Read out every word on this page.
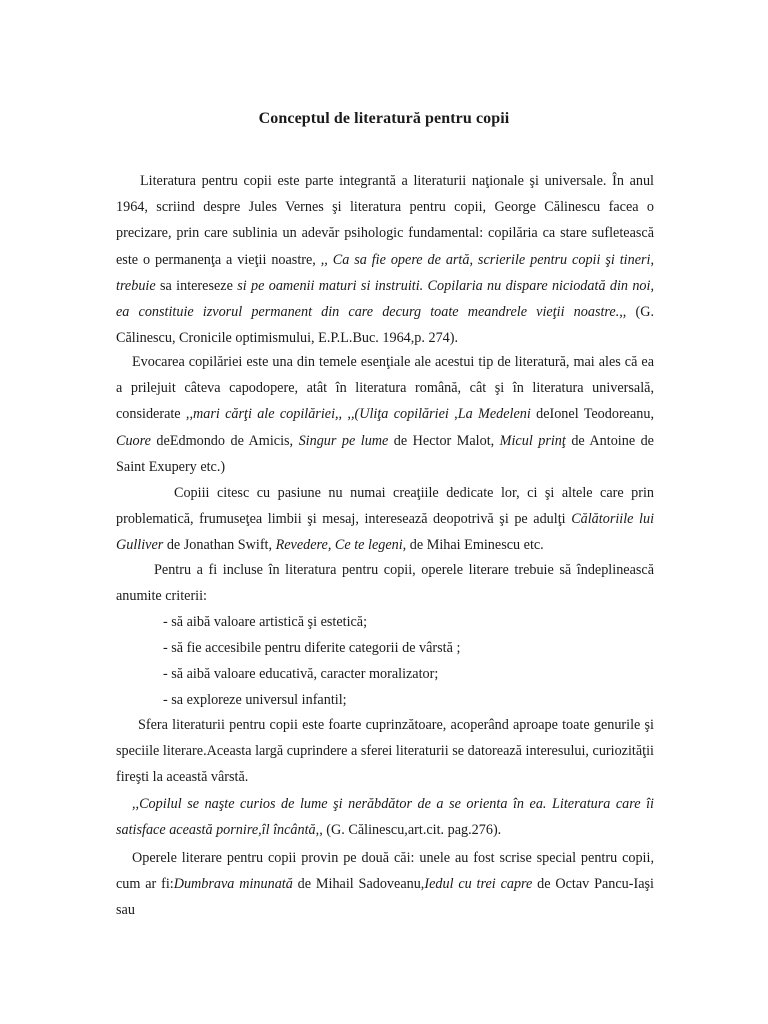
Conceptul de literatură pentru copii

Literatura pentru copii este parte integrantă a literaturii naţionale şi universale. În anul 1964, scriind despre Jules Vernes şi literatura pentru copii, George Călinescu facea o precizare, prin care sublinia un adevăr psihologic fundamental: copilăria ca stare sufletească este o permanenţa a vieţii noastre, ,, Ca sa fie opere de artă, scrierile pentru copii şi tineri, trebuie sa intereseze si pe oamenii maturi si instruiti. Copilaria nu dispare niciodată din noi, ea constituie izvorul permanent din care decurg toate meandrele vieţii noastre.,, (G. Călinescu, Cronicile optimismului, E.P.L.Buc. 1964,p. 274).

Evocarea copilăriei este una din temele esenţiale ale acestui tip de literatură, mai ales că ea a prilejuit câteva capodopere, atât în literatura română, cât şi în literatura universală, considerate ,,mari cărţi ale copilăriei,, ,,(Uliţa copilăriei ,La Medeleni deIonel Teodoreanu, Cuore deEdmondo de Amicis, Singur pe lume de Hector Malot, Micul prinţ de Antoine de Saint Exupery etc.)

Copiii citesc cu pasiune nu numai creaţiile dedicate lor, ci şi altele care prin problematică, frumuseţea limbii şi mesaj, interesează deopotrivă şi pe adulţi Călătoriile lui Gulliver de Jonathan Swift, Revedere, Ce te legeni, de Mihai Eminescu etc.

Pentru a fi incluse în literatura pentru copii, operele literare trebuie să îndeplinească anumite criterii:

- să aibă valoare artistică şi estetică;
- să fie accesibile pentru diferite categorii de vârstă ;
- să aibă valoare educativă, caracter moralizator;
- sa exploreze universul infantil;

Sfera literaturii pentru copii este foarte cuprinzătoare, acoperând aproape toate genurile şi speciile literare.Aceasta largă cuprindere a sferei literaturii se datorează interesului, curiozităţii fireşti la această vârstă.

,,Copilul se naşte curios de lume şi nerăbdător de a se orienta în ea. Literatura care îi satisface această pornire,îl încântă,, (G. Călinescu,art.cit. pag.276).

Operele literare pentru copii provin pe două căi: unele au fost scrise special pentru copii, cum ar fi:Dumbrava minunată de Mihail Sadoveanu,Iedul cu trei capre de Octav Pancu-Iaşi sau
